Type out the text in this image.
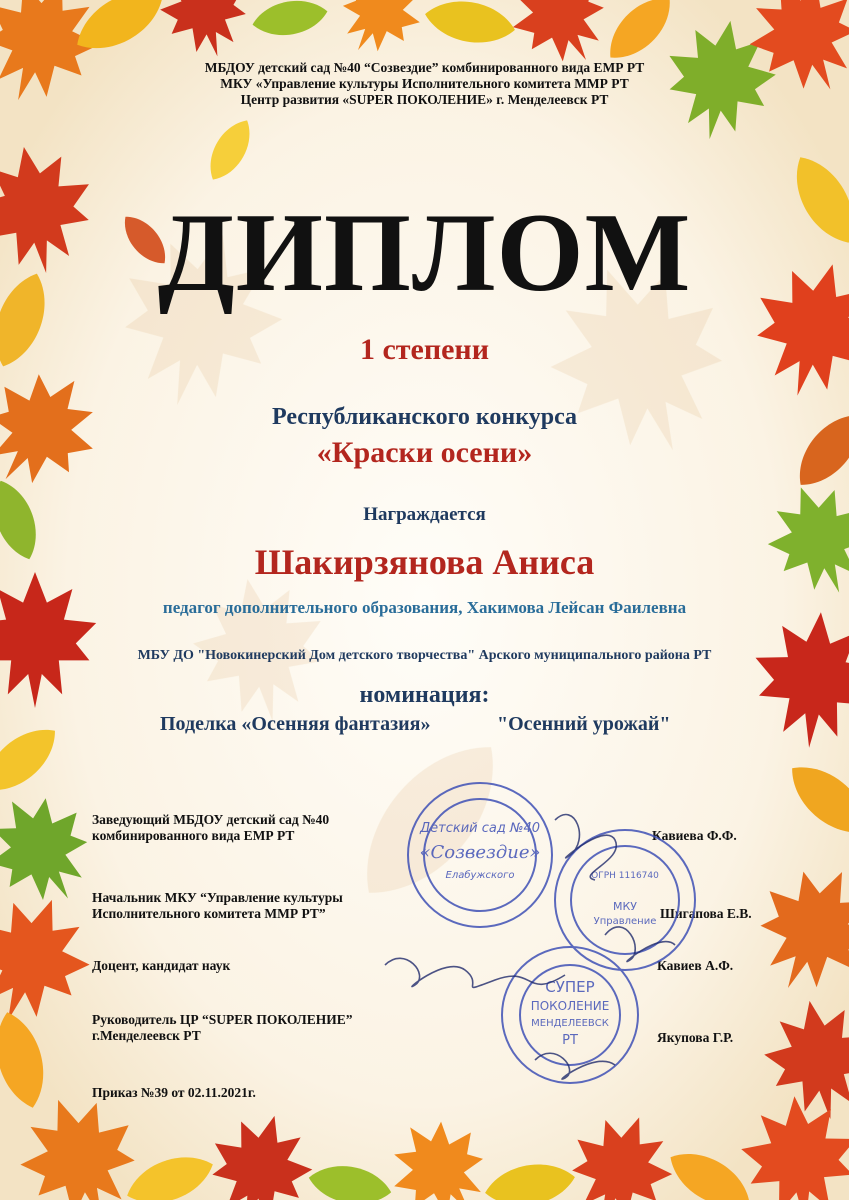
МБДОУ детский сад №40 “Созвездие” комбинированного вида ЕМР РТ
МКУ «Управление культуры Исполнительного комитета ММР РТ
Центр развития «SUPER ПОКОЛЕНИЕ» г. Менделеевск РТ
ДИПЛОМ
1 степени
Республиканского конкурса
«Краски осени»
Награждается
Шакирзянова Аниса
педагог дополнительного образования, Хакимова Лейсан Фаилевна
МБУ ДО "Новокинерский Дом детского творчества" Арского муниципального района РТ
номинация:
Поделка «Осенняя фантазия»	"Осенний урожай"
Заведующий МБДОУ детский сад №40
комбинированного вида ЕМР РТ	Кавиева Ф.Ф.
Начальник МКУ “Управление культуры
Исполнительного комитета ММР РТ”	Шигапова Е.В.
Доцент, кандидат наук	Кавиев А.Ф.
Руководитель ЦР “SUPER ПОКОЛЕНИЕ”
г.Менделеевск РТ	Якупова Г.Р.
Приказ №39 от 02.11.2021г.
Детский сад №40
«Созвездие»
Елабужского	ОГРН 1116740
МКУ
Управление
СУПЕР
ПОКОЛЕНИЕ
МЕНДЕЛЕЕВСК
РТ
